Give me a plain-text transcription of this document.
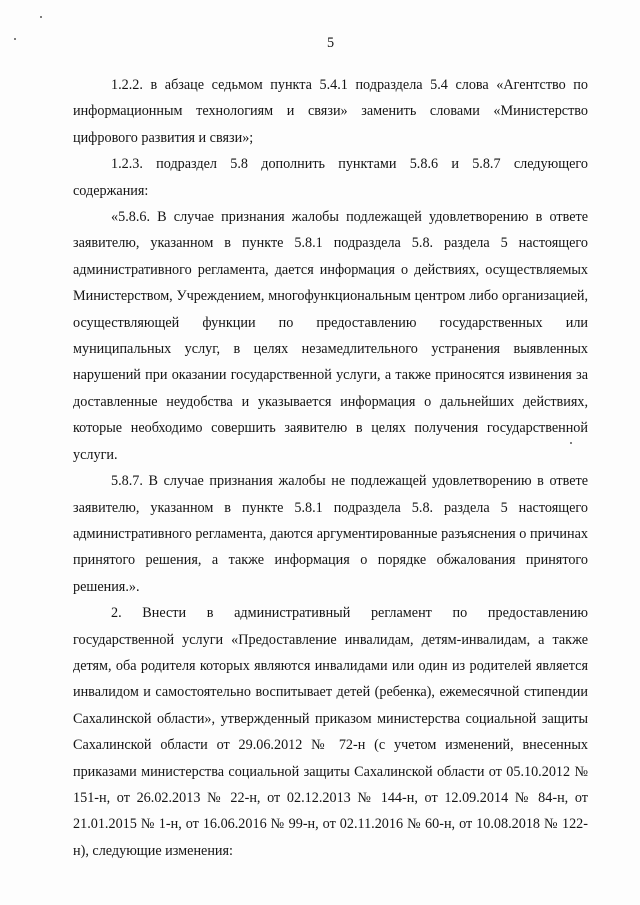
5

1.2.2. в абзаце седьмом пункта 5.4.1 подраздела 5.4 слова «Агентство по информационным технологиям и связи» заменить словами «Министерство цифрового развития и связи»;

1.2.3. подраздел 5.8 дополнить пунктами 5.8.6 и 5.8.7 следующего содержания:

«5.8.6. В случае признания жалобы подлежащей удовлетворению в ответе заявителю, указанном в пункте 5.8.1 подраздела 5.8. раздела 5 настоящего административного регламента, дается информация о действиях, осуществляемых Министерством, Учреждением, многофункциональным центром либо организацией, осуществляющей функции по предоставлению государственных или муниципальных услуг, в целях незамедлительного устранения выявленных нарушений при оказании государственной услуги, а также приносятся извинения за доставленные неудобства и указывается информация о дальнейших действиях, которые необходимо совершить заявителю в целях получения государственной услуги.

5.8.7. В случае признания жалобы не подлежащей удовлетворению в ответе заявителю, указанном в пункте 5.8.1 подраздела 5.8. раздела 5 настоящего административного регламента, даются аргументированные разъяснения о причинах принятого решения, а также информация о порядке обжалования принятого решения.».

2. Внести в административный регламент по предоставлению государственной услуги «Предоставление инвалидам, детям-инвалидам, а также детям, оба родителя которых являются инвалидами или один из родителей является инвалидом и самостоятельно воспитывает детей (ребенка), ежемесячной стипендии Сахалинской области», утвержденный приказом министерства социальной защиты Сахалинской области от 29.06.2012 № 72-н (с учетом изменений, внесенных приказами министерства социальной защиты Сахалинской области от 05.10.2012 № 151-н, от 26.02.2013 № 22-н, от 02.12.2013 № 144-н, от 12.09.2014 № 84-н, от 21.01.2015 № 1-н, от 16.06.2016 № 99-н, от 02.11.2016 № 60-н, от 10.08.2018 № 122-н), следующие изменения:
